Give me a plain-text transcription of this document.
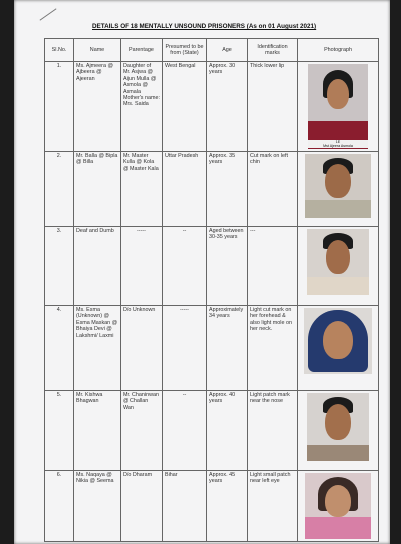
DETAILS OF 18 MENTALLY UNSOUND PRISONERS (As on 01 August 2021)
Sl.No.	Name	Parentage	Presumed to be from (State)	Age	Identification marks	Photograph
1.	Ms. Ajmeera @ Ajbeera @ Ajeeran	Daughter of Mr. Asjwa @ Aijun Mulla @ Asmola @ Asmala
Mother's name: Mrs. Saida	West Bengal	Approx. 30 years	Thick lower lip	1E
Mst Ajeera Asmola

2.	Mr. Balla @ Bipla @ Billa	Mr. Master Kulla @ Kola @ Master Kala	Uttar Pradesh	Approx. 35 years	Cut mark on left chin	

3.	Deaf and Dumb	-----	--	Aged between 30-35 years	---	

4.	Ms. Esma (Unknown) @ Esma Maskan @ Bhaiya Devi @ Lakshmi/ Laxmi	D/o Unknown	-----	Approximately 34 years	Light cut mark on her forehead & also light mole on her neck.	

5.	Mr. Kishwa Bhagwan	Mr. Chaninwan @ Challan Wan	--	Approx. 40 years	Light patch mark near the nose	

6.	Ms. Naqaya @ Nikia @ Seema	D/o Dharam	Bihar	Approx. 45 years	Light small patch near left eye	
